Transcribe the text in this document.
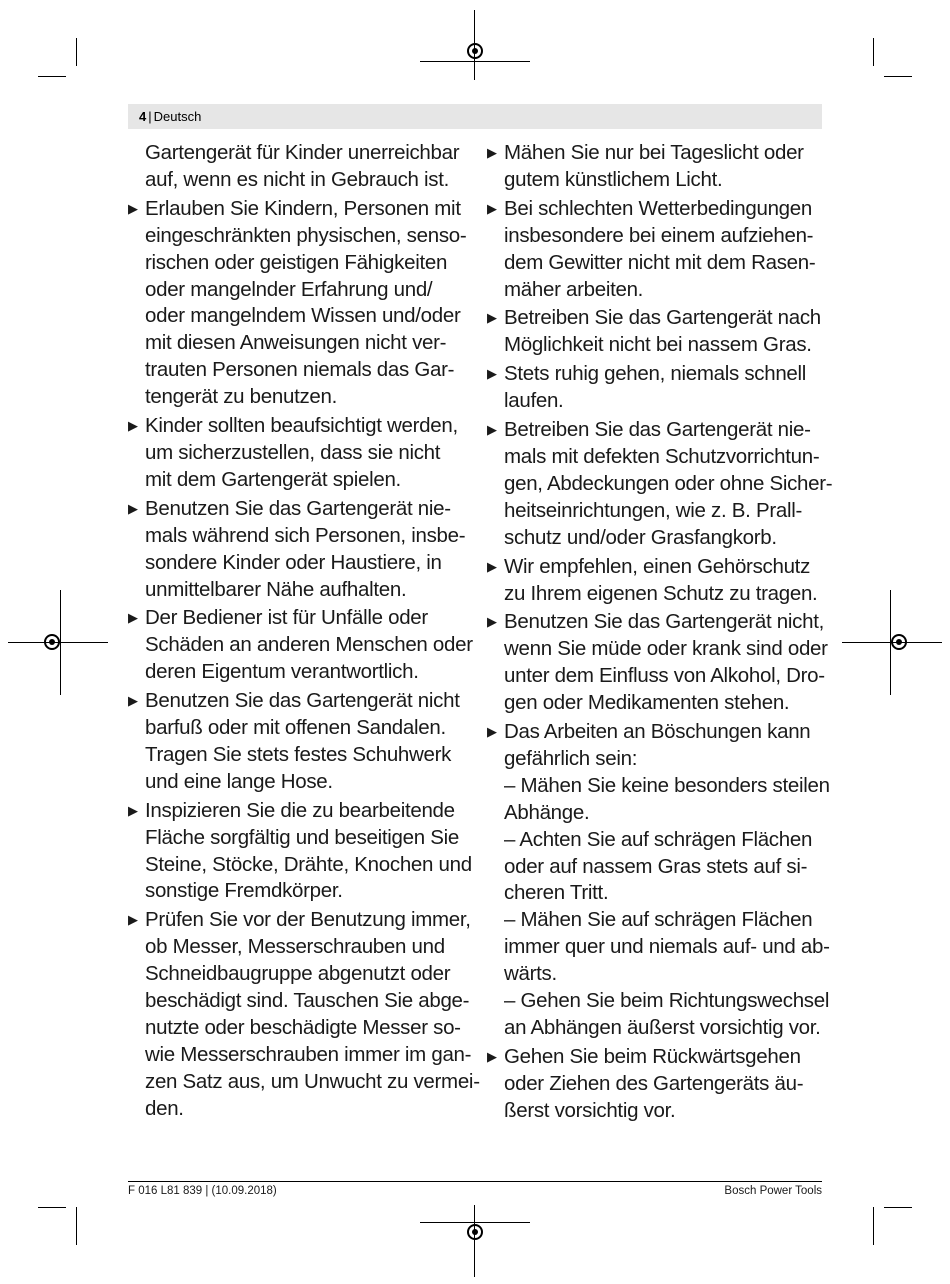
4 | Deutsch
Gartengerät für Kinder unerreichbar
auf, wenn es nicht in Gebrauch ist.
▶ Erlauben Sie Kindern, Personen mit
eingeschränkten physischen, senso-
rischen oder geistigen Fähigkeiten
oder mangelnder Erfahrung und/
oder mangelndem Wissen und/oder
mit diesen Anweisungen nicht ver-
trauten Personen niemals das Gar-
tengerät zu benutzen.
▶ Kinder sollten beaufsichtigt werden,
um sicherzustellen, dass sie nicht
mit dem Gartengerät spielen.
▶ Benutzen Sie das Gartengerät nie-
mals während sich Personen, insbe-
sondere Kinder oder Haustiere, in
unmittelbarer Nähe aufhalten.
▶ Der Bediener ist für Unfälle oder
Schäden an anderen Menschen oder
deren Eigentum verantwortlich.
▶ Benutzen Sie das Gartengerät nicht
barfuß oder mit offenen Sandalen.
Tragen Sie stets festes Schuhwerk
und eine lange Hose.
▶ Inspizieren Sie die zu bearbeitende
Fläche sorgfältig und beseitigen Sie
Steine, Stöcke, Drähte, Knochen und
sonstige Fremdkörper.
▶ Prüfen Sie vor der Benutzung immer,
ob Messer, Messerschrauben und
Schneidbaugruppe abgenutzt oder
beschädigt sind. Tauschen Sie abge-
nutzte oder beschädigte Messer so-
wie Messerschrauben immer im gan-
zen Satz aus, um Unwucht zu vermei-
den.
▶ Mähen Sie nur bei Tageslicht oder
gutem künstlichem Licht.
▶ Bei schlechten Wetterbedingungen
insbesondere bei einem aufziehen-
dem Gewitter nicht mit dem Rasen-
mäher arbeiten.
▶ Betreiben Sie das Gartengerät nach
Möglichkeit nicht bei nassem Gras.
▶ Stets ruhig gehen, niemals schnell
laufen.
▶ Betreiben Sie das Gartengerät nie-
mals mit defekten Schutzvorrichtun-
gen, Abdeckungen oder ohne Sicher-
heitseinrichtungen, wie z. B. Prall-
schutz und/oder Grasfangkorb.
▶ Wir empfehlen, einen Gehörschutz
zu Ihrem eigenen Schutz zu tragen.
▶ Benutzen Sie das Gartengerät nicht,
wenn Sie müde oder krank sind oder
unter dem Einfluss von Alkohol, Dro-
gen oder Medikamenten stehen.
▶ Das Arbeiten an Böschungen kann
gefährlich sein:
– Mähen Sie keine besonders steilen
Abhänge.
– Achten Sie auf schrägen Flächen
oder auf nassem Gras stets auf si-
cheren Tritt.
– Mähen Sie auf schrägen Flächen
immer quer und niemals auf- und ab-
wärts.
– Gehen Sie beim Richtungswechsel
an Abhängen äußerst vorsichtig vor.
▶ Gehen Sie beim Rückwärtsgehen
oder Ziehen des Gartengeräts äu-
ßerst vorsichtig vor.
F 016 L81 839 | (10.09.2018)	Bosch Power Tools
